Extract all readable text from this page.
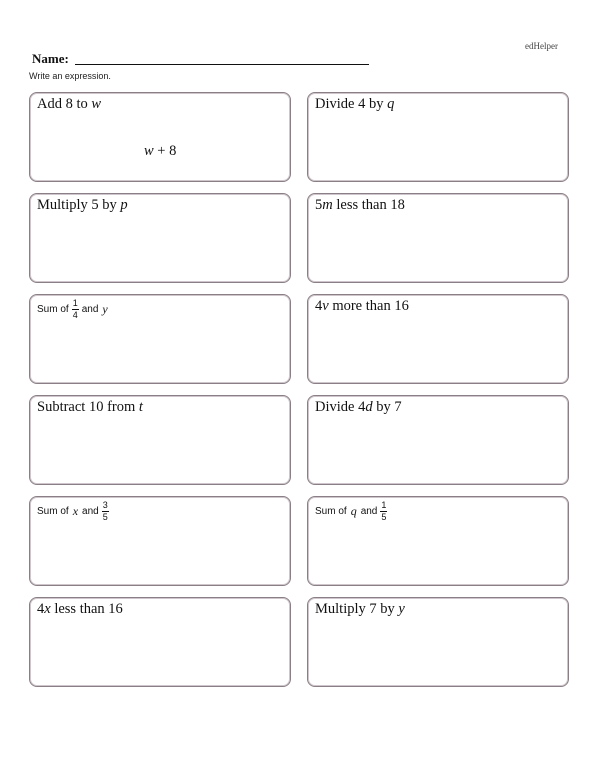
edHelper
Name:
Write an expression.
Add 8 to w
w + 8
Divide 4 by q
Multiply 5 by p	5m less than 18
Sum of $\frac{1}{4}$ and y	4v more than 16
Subtract 10 from t	Divide 4d by 7
Sum of x and $\frac{3}{5}$	Sum of q and $\frac{1}{5}$
4x less than 16	Multiply 7 by y
